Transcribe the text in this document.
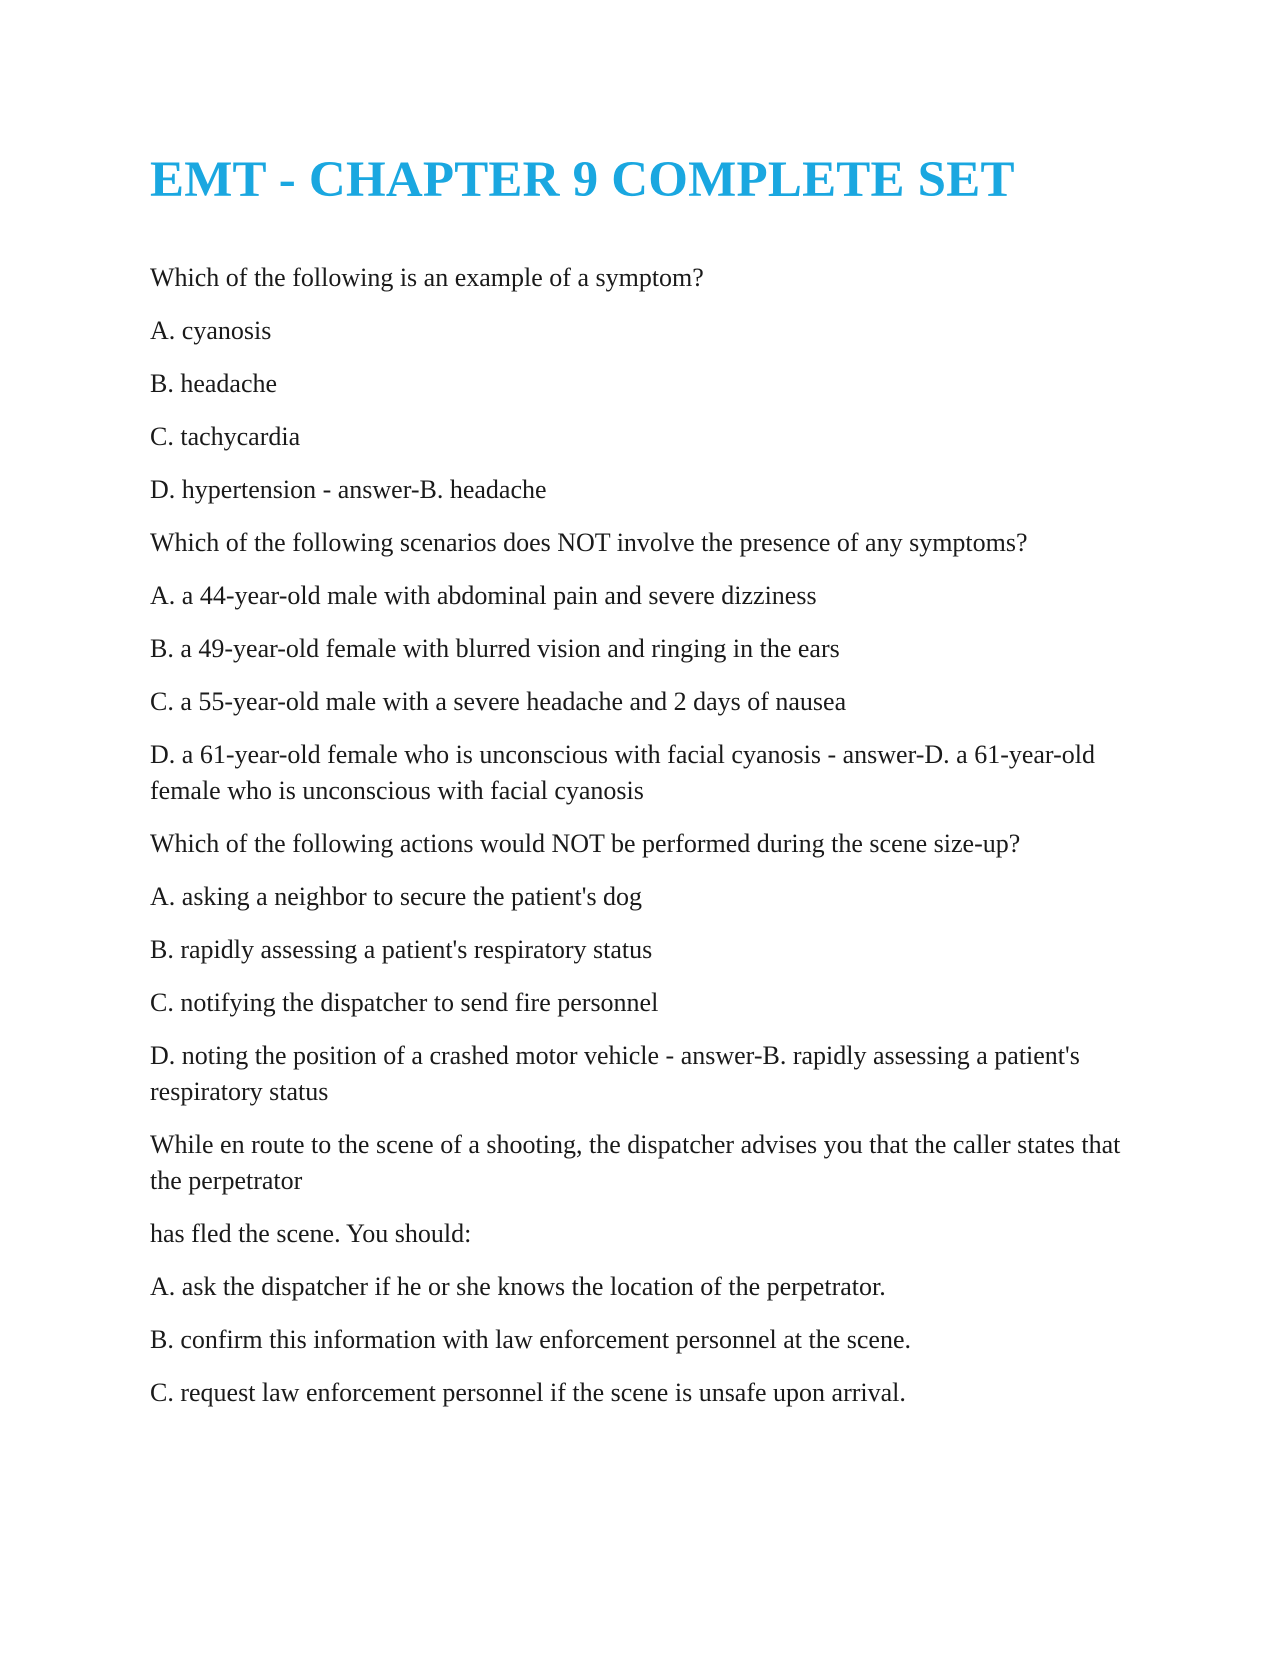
EMT - CHAPTER 9 COMPLETE SET

Which of the following is an example of a symptom?

A. cyanosis

B. headache

C. tachycardia

D. hypertension - answer-B. headache

Which of the following scenarios does NOT involve the presence of any symptoms?

A. a 44-year-old male with abdominal pain and severe dizziness

B. a 49-year-old female with blurred vision and ringing in the ears

C. a 55-year-old male with a severe headache and 2 days of nausea

D. a 61-year-old female who is unconscious with facial cyanosis - answer-D. a 61-year-old female who is unconscious with facial cyanosis

Which of the following actions would NOT be performed during the scene size-up?

A. asking a neighbor to secure the patient's dog

B. rapidly assessing a patient's respiratory status

C. notifying the dispatcher to send fire personnel

D. noting the position of a crashed motor vehicle - answer-B. rapidly assessing a patient's respiratory status

While en route to the scene of a shooting, the dispatcher advises you that the caller states that the perpetrator

has fled the scene. You should:

A. ask the dispatcher if he or she knows the location of the perpetrator.

B. confirm this information with law enforcement personnel at the scene.

C. request law enforcement personnel if the scene is unsafe upon arrival.
